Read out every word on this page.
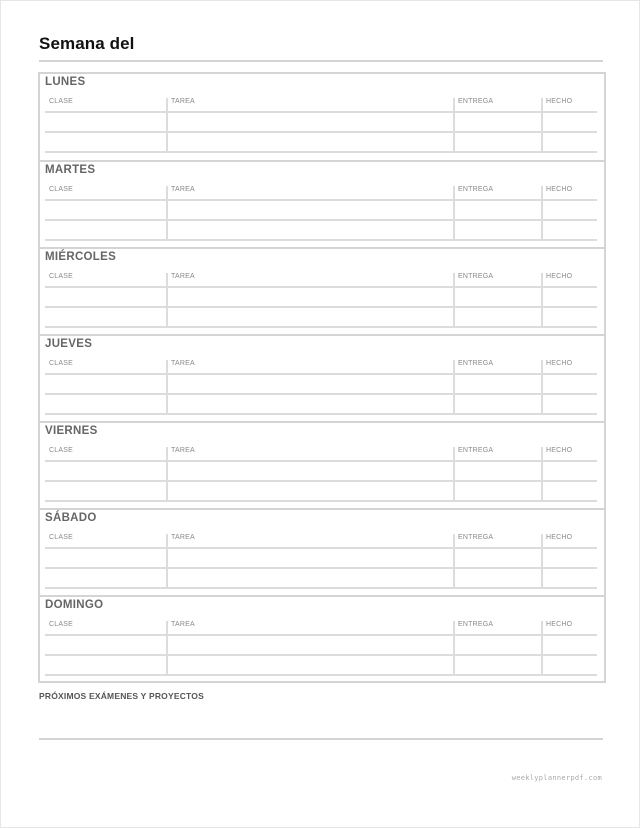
Semana del
LUNES
CLASE	TAREA	ENTREGA	HECHO
MARTES
CLASE	TAREA	ENTREGA	HECHO
MIÉRCOLES
CLASE	TAREA	ENTREGA	HECHO
JUEVES
CLASE	TAREA	ENTREGA	HECHO
VIERNES
CLASE	TAREA	ENTREGA	HECHO
SÁBADO
CLASE	TAREA	ENTREGA	HECHO
DOMINGO
CLASE	TAREA	ENTREGA	HECHO
PRÓXIMOS EXÁMENES Y PROYECTOS
weeklyplannerpdf.com
